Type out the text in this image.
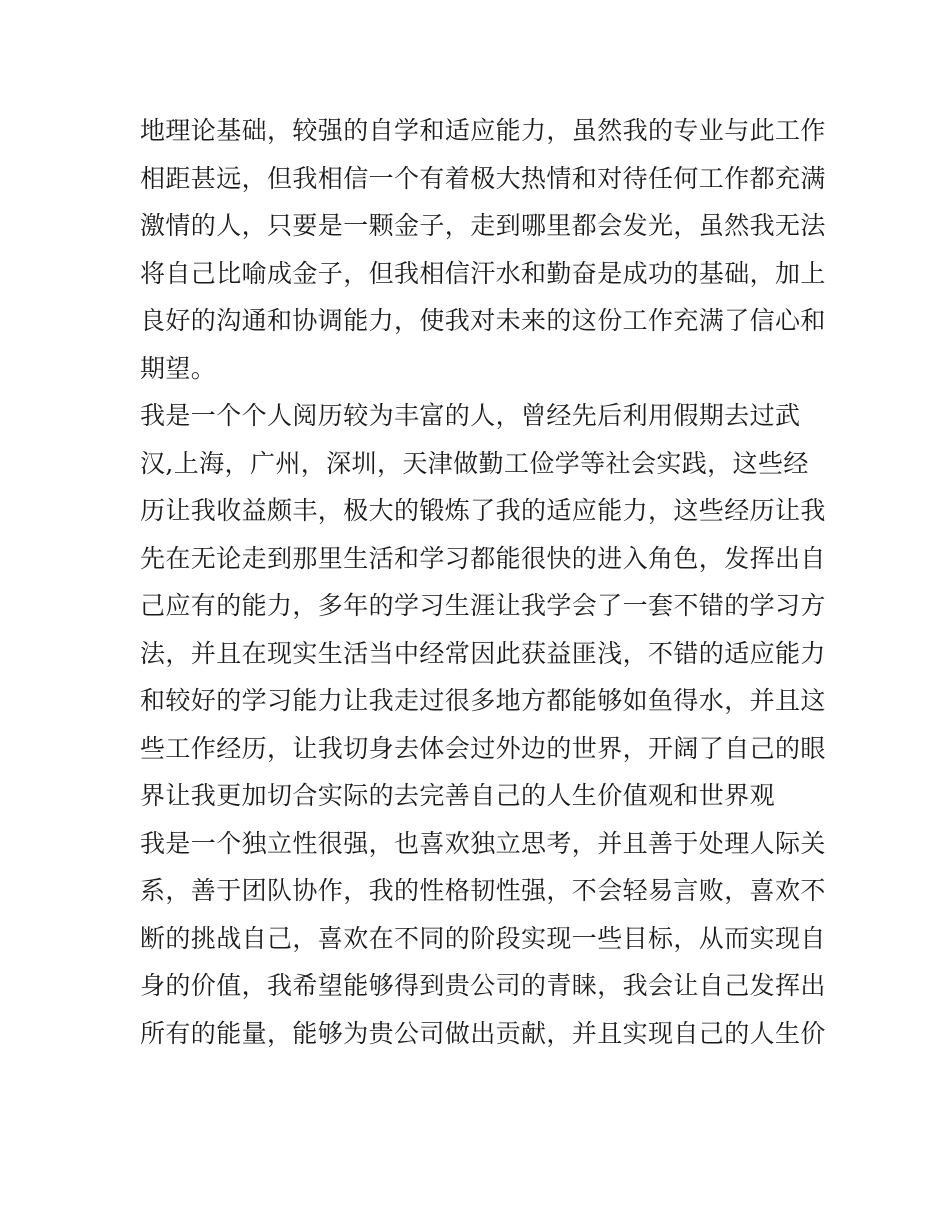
地理论基础，较强的自学和适应能力，虽然我的专业与此工作
相距甚远，但我相信一个有着极大热情和对待任何工作都充满
激情的人，只要是一颗金子，走到哪里都会发光，虽然我无法
将自己比喻成金子，但我相信汗水和勤奋是成功的基础，加上
良好的沟通和协调能力，使我对未来的这份工作充满了信心和
期望。
我是一个个人阅历较为丰富的人，曾经先后利用假期去过武
汉,上海，广州，深圳，天津做勤工俭学等社会实践，这些经
历让我收益颇丰，极大的锻炼了我的适应能力，这些经历让我
先在无论走到那里生活和学习都能很快的进入角色，发挥出自
己应有的能力，多年的学习生涯让我学会了一套不错的学习方
法，并且在现实生活当中经常因此获益匪浅，不错的适应能力
和较好的学习能力让我走过很多地方都能够如鱼得水，并且这
些工作经历，让我切身去体会过外边的世界，开阔了自己的眼
界让我更加切合实际的去完善自己的人生价值观和世界观
我是一个独立性很强，也喜欢独立思考，并且善于处理人际关
系，善于团队协作，我的性格韧性强，不会轻易言败，喜欢不
断的挑战自己，喜欢在不同的阶段实现一些目标，从而实现自
身的价值，我希望能够得到贵公司的青睐，我会让自己发挥出
所有的能量，能够为贵公司做出贡献，并且实现自己的人生价
